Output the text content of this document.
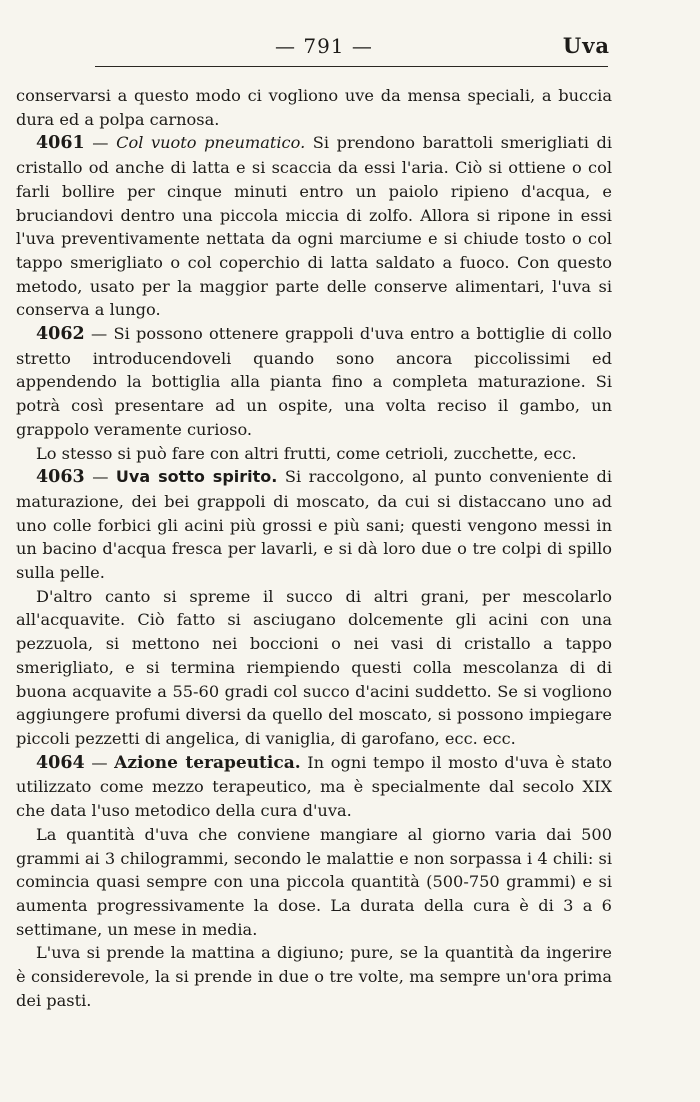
— 791 —	Uva

conservarsi a questo modo ci vogliono uve da mensa speciali, a buccia dura ed a polpa carnosa.

4061 — Col vuoto pneumatico. Si prendono barattoli smerigliati di cristallo od anche di latta e si scaccia da essi l'aria. Ciò si ottiene o col farli bollire per cinque minuti entro un paiolo ripieno d'acqua, e bruciandovi dentro una piccola miccia di zolfo. Allora si ripone in essi l'uva preventivamente nettata da ogni marciume e si chiude tosto o col tappo smerigliato o col coperchio di latta saldato a fuoco. Con questo metodo, usato per la maggior parte delle conserve alimentari, l'uva si conserva a lungo.

4062 — Si possono ottenere grappoli d'uva entro a bottiglie di collo stretto introducendoveli quando sono ancora piccolissimi ed appendendo la bottiglia alla pianta fino a completa maturazione. Si potrà così presentare ad un ospite, una volta reciso il gambo, un grappolo veramente curioso.

Lo stesso si può fare con altri frutti, come cetrioli, zucchette, ecc.

4063 — Uva sotto spirito. Si raccolgono, al punto conveniente di maturazione, dei bei grappoli di moscato, da cui si distaccano uno ad uno colle forbici gli acini più grossi e più sani; questi vengono messi in un bacino d'acqua fresca per lavarli, e si dà loro due o tre colpi di spillo sulla pelle.

D'altro canto si spreme il succo di altri grani, per mescolarlo all'acquavite. Ciò fatto si asciugano dolcemente gli acini con una pezzuola, si mettono nei boccioni o nei vasi di cristallo a tappo smerigliato, e si termina riempiendo questi colla mescolanza di di buona acquavite a 55-60 gradi col succo d'acini suddetto. Se si vogliono aggiungere profumi diversi da quello del moscato, si possono impiegare piccoli pezzetti di angelica, di vaniglia, di garofano, ecc. ecc.

4064 — Azione terapeutica. In ogni tempo il mosto d'uva è stato utilizzato come mezzo terapeutico, ma è specialmente dal secolo XIX che data l'uso metodico della cura d'uva.

La quantità d'uva che conviene mangiare al giorno varia dai 500 grammi ai 3 chilogrammi, secondo le malattie e non sorpassa i 4 chili: si comincia quasi sempre con una piccola quantità (500-750 grammi) e si aumenta progressivamente la dose. La durata della cura è di 3 a 6 settimane, un mese in media.

L'uva si prende la mattina a digiuno; pure, se la quantità da ingerire è considerevole, la si prende in due o tre volte, ma sempre un'ora prima dei pasti.
